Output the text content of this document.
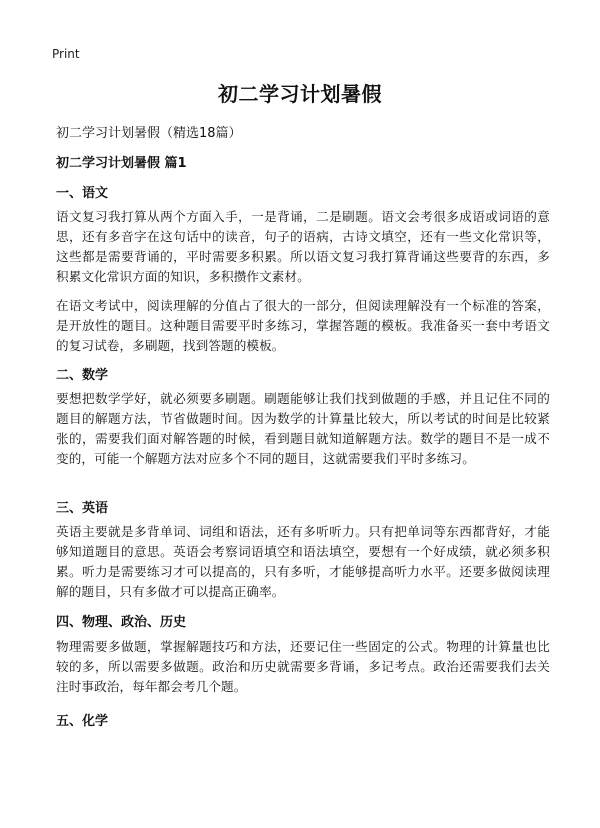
Print
初二学习计划暑假

初二学习计划暑假（精选18篇）

初二学习计划暑假 篇1

一、语文

语文复习我打算从两个方面入手，一是背诵，二是刷题。语文会考很多成语或词语的意思，还有多音字在这句话中的读音，句子的语病，古诗文填空，还有一些文化常识等，这些都是需要背诵的，平时需要多积累。所以语文复习我打算背诵这些要背的东西，多积累文化常识方面的知识，多积攒作文素材。

在语文考试中，阅读理解的分值占了很大的一部分，但阅读理解没有一个标准的答案，是开放性的题目。这种题目需要平时多练习，掌握答题的模板。我准备买一套中考语文的复习试卷，多刷题，找到答题的模板。

二、数学

要想把数学学好，就必须要多刷题。刷题能够让我们找到做题的手感，并且记住不同的题目的解题方法，节省做题时间。因为数学的计算量比较大，所以考试的时间是比较紧张的，需要我们面对解答题的时候，看到题目就知道解题方法。数学的题目不是一成不变的，可能一个解题方法对应多个不同的题目，这就需要我们平时多练习。

三、英语

英语主要就是多背单词、词组和语法，还有多听听力。只有把单词等东西都背好，才能够知道题目的意思。英语会考察词语填空和语法填空，要想有一个好成绩，就必须多积累。听力是需要练习才可以提高的，只有多听，才能够提高听力水平。还要多做阅读理解的题目，只有多做才可以提高正确率。

四、物理、政治、历史

物理需要多做题，掌握解题技巧和方法，还要记住一些固定的公式。物理的计算量也比较的多，所以需要多做题。政治和历史就需要多背诵，多记考点。政治还需要我们去关注时事政治，每年都会考几个题。

五、化学
